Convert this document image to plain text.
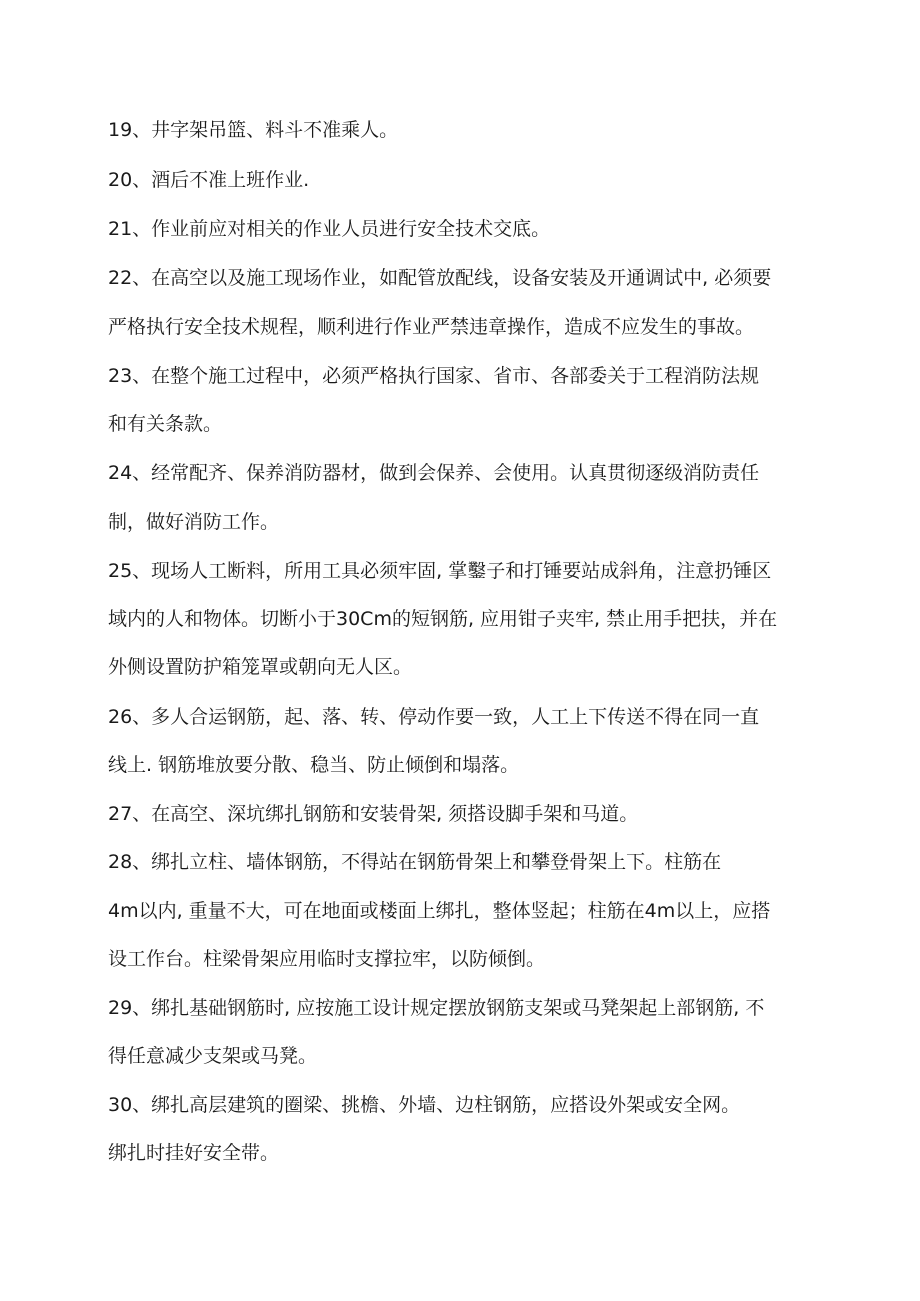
19、井字架吊篮、料斗不准乘人。
20、酒后不准上班作业.
21、作业前应对相关的作业人员进行安全技术交底。
22、在高空以及施工现场作业，如配管放配线，设备安装及开通调试中, 必须要
严格执行安全技术规程，顺利进行作业严禁违章操作，造成不应发生的事故。
23、在整个施工过程中，必须严格执行国家、省市、各部委关于工程消防法规
和有关条款。
24、经常配齐、保养消防器材，做到会保养、会使用。认真贯彻逐级消防责任
制，做好消防工作。
25、现场人工断料，所用工具必须牢固, 掌鑿子和打锤要站成斜角，注意扔锤区
域内的人和物体。切断小于30Cm的短钢筋, 应用钳子夹牢, 禁止用手把扶，并在
外侧设置防护箱笼罩或朝向无人区。
26、多人合运钢筋，起、落、转、停动作要一致，人工上下传送不得在同一直
线上. 钢筋堆放要分散、稳当、防止倾倒和塌落。
27、在高空、深坑绑扎钢筋和安装骨架, 须搭设脚手架和马道。
28、绑扎立柱、墙体钢筋，不得站在钢筋骨架上和攀登骨架上下。柱筋在
4m以内, 重量不大，可在地面或楼面上绑扎，整体竖起；柱筋在4m以上，应搭
设工作台。柱梁骨架应用临时支撑拉牢，以防倾倒。
29、绑扎基础钢筋时, 应按施工设计规定摆放钢筋支架或马凳架起上部钢筋, 不
得任意减少支架或马凳。
30、绑扎高层建筑的圈梁、挑檐、外墙、边柱钢筋，应搭设外架或安全网。
绑扎时挂好安全带。
